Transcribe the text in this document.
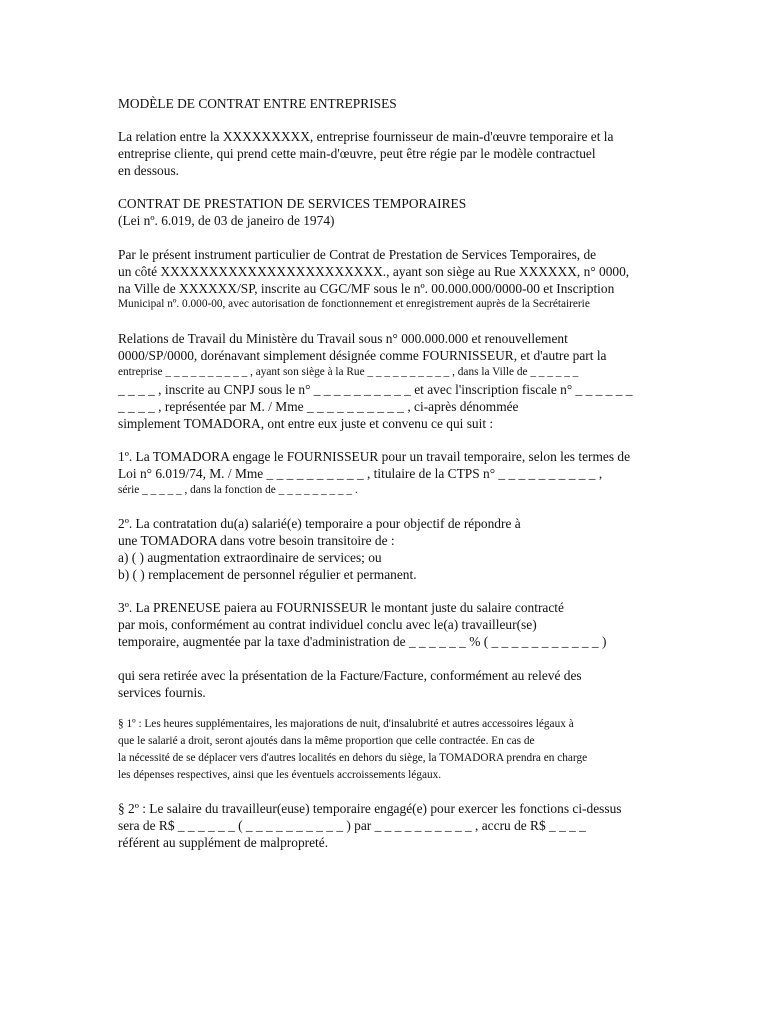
MODÈLE DE CONTRAT ENTRE ENTREPRISES

La relation entre la XXXXXXXXX, entreprise fournisseur de main-d'œuvre temporaire et la

entreprise cliente, qui prend cette main-d'œuvre, peut être régie par le modèle contractuel

en dessous.

CONTRAT DE PRESTATION DE SERVICES TEMPORAIRES

(Lei nº. 6.019, de 03 de janeiro de 1974)

Par le présent instrument particulier de Contrat de Prestation de Services Temporaires, de

un côté XXXXXXXXXXXXXXXXXXXXXXX., ayant son siège au Rue XXXXXX, n° 0000,

na Ville de XXXXXX/SP, inscrite au CGC/MF sous le nº. 00.000.000/0000-00 et Inscription

Municipal nº. 0.000-00, avec autorisation de fonctionnement et enregistrement auprès de la Secrétairerie

Relations de Travail du Ministère du Travail sous n° 000.000.000 et renouvellement

0000/SP/0000, dorénavant simplement désignée comme FOURNISSEUR, et d'autre part la

entreprise _ _ _ _ _ _ _ _ _ _ , ayant son siège à la Rue _ _ _ _ _ _ _ _ _ _ , dans la Ville de _ _ _ _ _ _

_ _ _ _ , inscrite au CNPJ sous le n° _ _ _ _ _ _ _ _ _ _ et avec l'inscription fiscale n° _ _ _ _ _ _

_ _ _ _ , représentée par M. / Mme _ _ _ _ _ _ _ _ _ _ , ci-après dénommée

simplement TOMADORA, ont entre eux juste et convenu ce qui suit :

1º. La TOMADORA engage le FOURNISSEUR pour un travail temporaire, selon les termes de

Loi n° 6.019/74, M. / Mme _ _ _ _ _ _ _ _ _ _ , titulaire de la CTPS n° _ _ _ _ _ _ _ _ _ _ ,

série _ _ _ _ _ , dans la fonction de _ _ _ _ _ _ _ _ _ .

2º. La contratation du(a) salarié(e) temporaire a pour objectif de répondre à

une TOMADORA dans votre besoin transitoire de :

a) ( ) augmentation extraordinaire de services; ou

b) ( ) remplacement de personnel régulier et permanent.

3º. La PRENEUSE paiera au FOURNISSEUR le montant juste du salaire contracté

par mois, conformément au contrat individuel conclu avec le(a) travailleur(se)

temporaire, augmentée par la taxe d'administration de _ _ _ _ _ _ % ( _ _ _ _ _ _ _ _ _ _ _ )

qui sera retirée avec la présentation de la Facture/Facture, conformément au relevé des

services fournis.

§ 1º : Les heures supplémentaires, les majorations de nuit, d'insalubrité et autres accessoires légaux à

que le salarié a droit, seront ajoutés dans la même proportion que celle contractée. En cas de

la nécessité de se déplacer vers d'autres localités en dehors du siège, la TOMADORA prendra en charge

les dépenses respectives, ainsi que les éventuels accroissements légaux.

§ 2º : Le salaire du travailleur(euse) temporaire engagé(e) pour exercer les fonctions ci-dessus

sera de R$ _ _ _ _ _ _ ( _ _ _ _ _ _ _ _ _ _ ) par _ _ _ _ _ _ _ _ _ _ , accru de R$ _ _ _ _

référent au supplément de malpropreté.
